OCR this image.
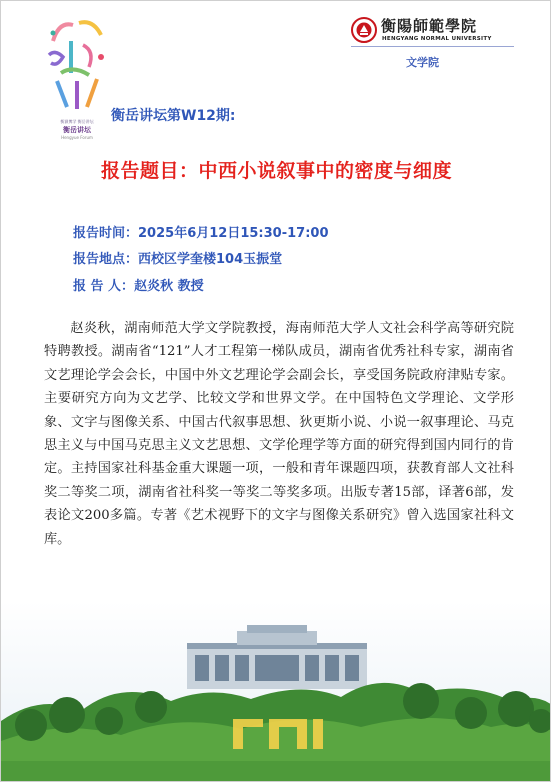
衡嶽博学 衡岳讲坛
衡岳讲坛
Hengyue Forum
衡陽師範學院
HENGYANG NORMAL UNIVERSITY
文学院
衡岳讲坛第W12期:
报告题目：中西小说叙事中的密度与细度
报告时间：2025年6月12日15:30-17:00
报告地点：西校区学奎楼104玉振堂
报 告 人：赵炎秋 教授

赵炎秋，湖南师范大学文学院教授，海南师范大学人文社会科学高等研究院特聘教授。湖南省“121”人才工程第一梯队成员，湖南省优秀社科专家，湖南省文艺理论学会会长，中国中外文艺理论学会副会长，享受国务院政府津贴专家。主要研究方向为文艺学、比较文学和世界文学。在中国特色文学理论、文学形象、文字与图像关系、中国古代叙事思想、狄更斯小说、小说一叙事理论、马克思主义与中国马克思主义文艺思想、文学伦理学等方面的研究得到国内同行的肯定。主持国家社科基金重大课题一项，一般和青年课题四项，获教育部人文社科奖二等奖二项，湖南省社科奖一等奖二等奖多项。出版专著15部，译著6部，发表论文200多篇。专著《艺术视野下的文字与图像关系研究》曾入选国家社科文库。
